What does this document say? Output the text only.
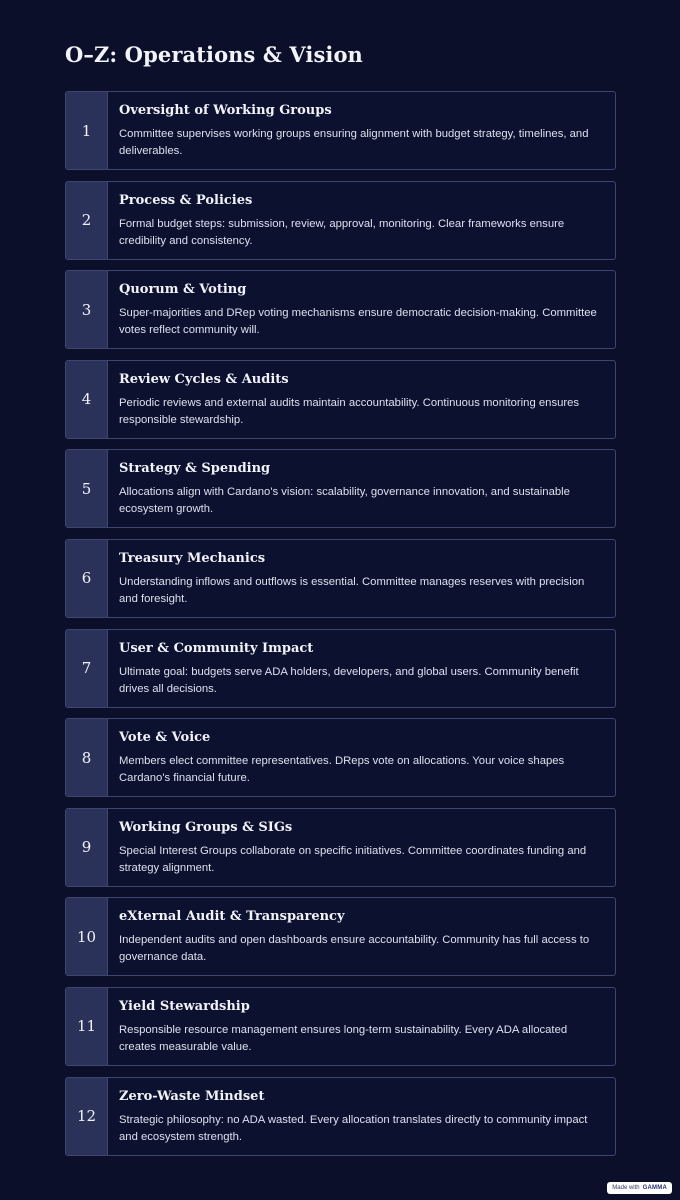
O–Z: Operations & Vision
1
Oversight of Working Groups

Committee supervises working groups ensuring alignment with budget strategy, timelines, and deliverables.

2
Process & Policies

Formal budget steps: submission, review, approval, monitoring. Clear frameworks ensure credibility and consistency.

3
Quorum & Voting

Super-majorities and DRep voting mechanisms ensure democratic decision-making. Committee votes reflect community will.

4
Review Cycles & Audits

Periodic reviews and external audits maintain accountability. Continuous monitoring ensures responsible stewardship.

5
Strategy & Spending

Allocations align with Cardano's vision: scalability, governance innovation, and sustainable ecosystem growth.

6
Treasury Mechanics

Understanding inflows and outflows is essential. Committee manages reserves with precision and foresight.

7
User & Community Impact

Ultimate goal: budgets serve ADA holders, developers, and global users. Community benefit drives all decisions.

8
Vote & Voice

Members elect committee representatives. DReps vote on allocations. Your voice shapes Cardano's financial future.

9
Working Groups & SIGs

Special Interest Groups collaborate on specific initiatives. Committee coordinates funding and strategy alignment.

10
eXternal Audit & Transparency

Independent audits and open dashboards ensure accountability. Community has full access to governance data.

11
Yield Stewardship

Responsible resource management ensures long-term sustainability. Every ADA allocated creates measurable value.

12
Zero-Waste Mindset

Strategic philosophy: no ADA wasted. Every allocation translates directly to community impact and ecosystem strength.

Made with GAMMA
